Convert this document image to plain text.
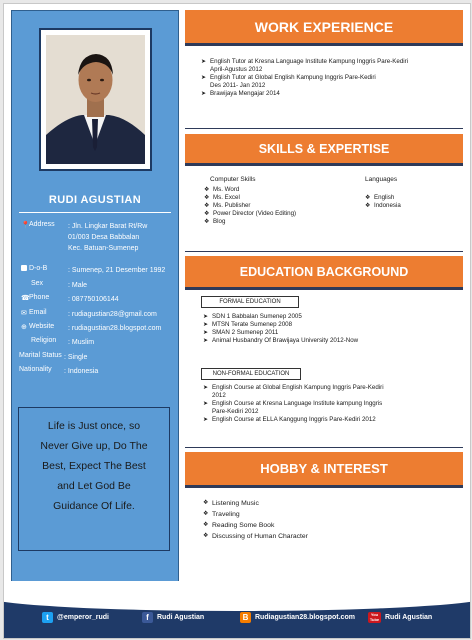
RUDI AGUSTIAN
📍Address : Jln. Lingkar Barat Rt/Rw
01/003 Desa Babbalan
Kec. Batuan-Sumenep
D-o-B	: Sumenep, 21 Desember 1992
Sex	: Male
☎Phone	: 087750106144
✉ Email	: rudiagustian28@gmail.com
⊕ Website : rudiagustian28.blogspot.com
Religion : Muslim
Marital Status : Single
Nationality : Indonesia
Life is Just once, so
Never Give up, Do The
Best, Expect The Best
and Let God Be
Guidance Of Life.
WORK EXPERIENCE
➤ English Tutor at Kresna Language Institute Kampung Inggris Pare-Kediri
April-Agustus 2012
➤ English Tutor at Global English Kampung Inggris Pare-Kediri
Des 2011- Jan 2012
➤ Brawijaya Mengajar 2014
SKILLS & EXPERTISE
Computer Skills
❖ Ms. Word
❖ Ms. Excel
❖ Ms. Publisher
❖ Power Director (Video Editing)
❖ Blog
Languages
❖ English
❖ Indonesia
EDUCATION BACKGROUND
FORMAL EDUCATION
➤ SDN 1 Babbalan Sumenep 2005
➤ MTSN Terate Sumenep 2008
➤ SMAN 2 Sumenep 2011
➤ Animal Husbandry Of Brawijaya University 2012-Now
NON-FORMAL EDUCATION
➤ English Course at Global English Kampung Inggris Pare-Kediri
2012
➤ English Course at Kresna Language Institute kampung Inggris
Pare-Kediri 2012
➤ English Course at ELLA Kanggung Inggris Pare-Kediri 2012
HOBBY & INTEREST
❖ Listening Music
❖ Traveling
❖ Reading Some Book
❖ Discussing of Human Character
t	@emperor_rudi	f	Rudi Agustian	B Rudiagustian28.blogspot.com	You Tube Rudi Agustian
